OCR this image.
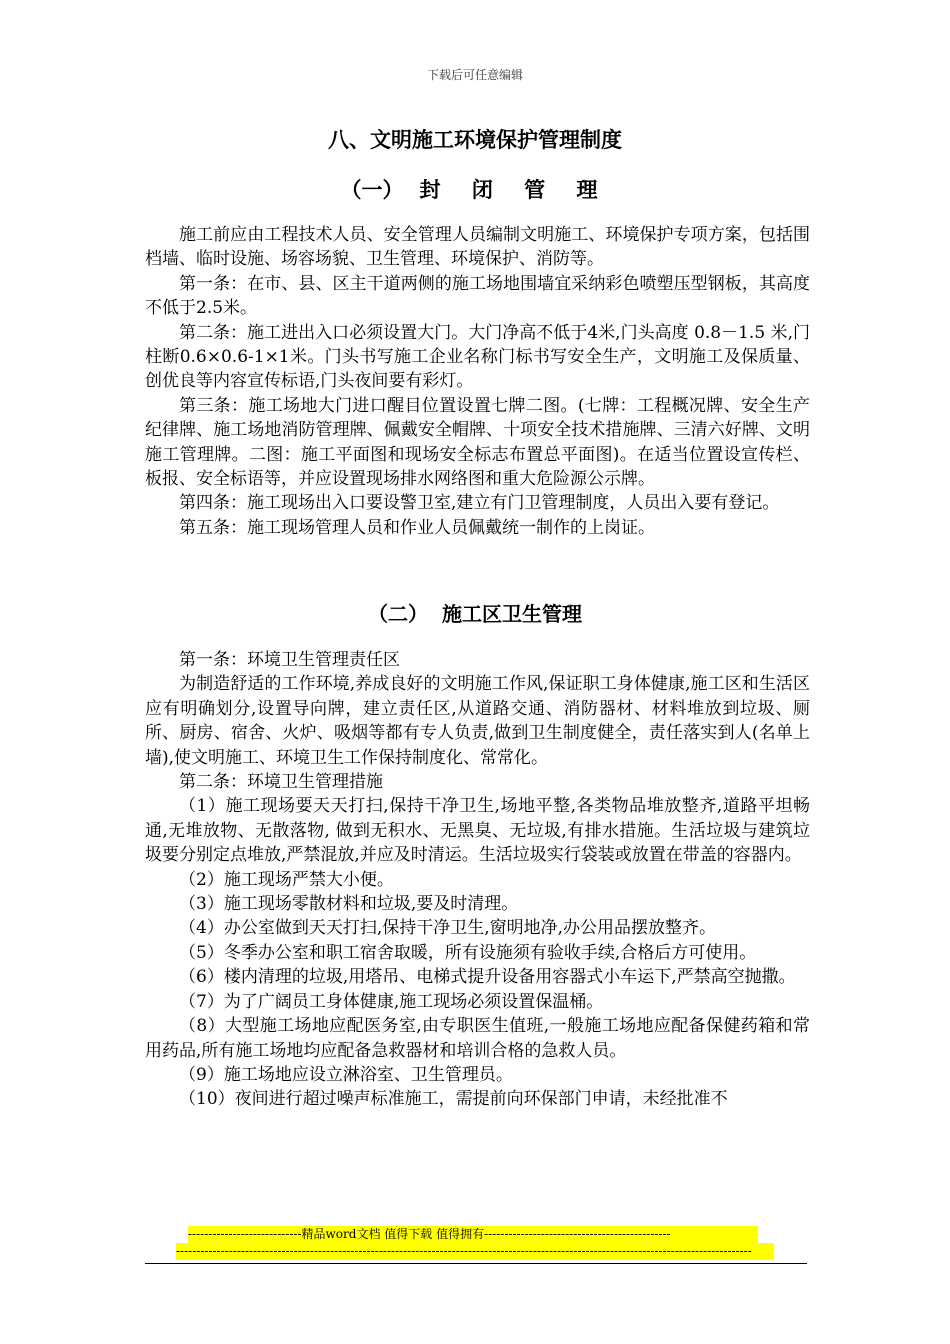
下载后可任意编辑
八、文明施工环境保护管理制度
（一） 封 闭 管 理

施工前应由工程技术人员、安全管理人员编制文明施工、环境保护专项方案，包括围档墙、临时设施、场容场貌、卫生管理、环境保护、消防等。

第一条：在市、县、区主干道两侧的施工场地围墙宜采纳彩色喷塑压型钢板，其高度不低于2.5米。

第二条：施工进出入口必须设置大门。大门净高不低于4米,门头高度 0.8－1.5 米,门柱断0.6×0.6-1×1米。门头书写施工企业名称门标书写安全生产，文明施工及保质量、创优良等内容宣传标语,门头夜间要有彩灯。

第三条：施工场地大门进口醒目位置设置七牌二图。(七牌：工程概况牌、安全生产纪律牌、施工场地消防管理牌、佩戴安全帽牌、十项安全技术措施牌、三清六好牌、文明施工管理牌。二图：施工平面图和现场安全标志布置总平面图)。在适当位置设宣传栏、板报、安全标语等，并应设置现场排水网络图和重大危险源公示牌。

第四条：施工现场出入口要设警卫室,建立有门卫管理制度，人员出入要有登记。

第五条：施工现场管理人员和作业人员佩戴统一制作的上岗证。

（二） 施工区卫生管理

第一条：环境卫生管理责任区

为制造舒适的工作环境,养成良好的文明施工作风,保证职工身体健康,施工区和生活区应有明确划分,设置导向牌，建立责任区,从道路交通、消防器材、材料堆放到垃圾、厕所、厨房、宿舍、火炉、吸烟等都有专人负责,做到卫生制度健全，责任落实到人(名单上墙),使文明施工、环境卫生工作保持制度化、常常化。

第二条：环境卫生管理措施

（1）施工现场要天天打扫,保持干净卫生,场地平整,各类物品堆放整齐,道路平坦畅通,无堆放物、无散落物, 做到无积水、无黑臭、无垃圾,有排水措施。生活垃圾与建筑垃圾要分别定点堆放,严禁混放,并应及时清运。生活垃圾实行袋装或放置在带盖的容器内。

（2）施工现场严禁大小便。

（3）施工现场零散材料和垃圾,要及时清理。

（4）办公室做到天天打扫,保持干净卫生,窗明地净,办公用品摆放整齐。

（5）冬季办公室和职工宿舍取暖，所有设施须有验收手续,合格后方可使用。

（6）楼内清理的垃圾,用塔吊、电梯式提升设备用容器式小车运下,严禁高空抛撒。

（7）为了广阔员工身体健康,施工现场必须设置保温桶。

（8）大型施工场地应配医务室,由专职医生值班,一般施工场地应配备保健药箱和常用药品,所有施工场地均应配备急救器材和培训合格的急救人员。

（9）施工场地应设立淋浴室、卫生管理员。

（10）夜间进行超过噪声标准施工，需提前向环保部门申请，未经批准不

----------------------------精品word文档 值得下载 值得拥有----------------------------------------------
----------------------------------------------------------------------------------------------------------------------------------------------
